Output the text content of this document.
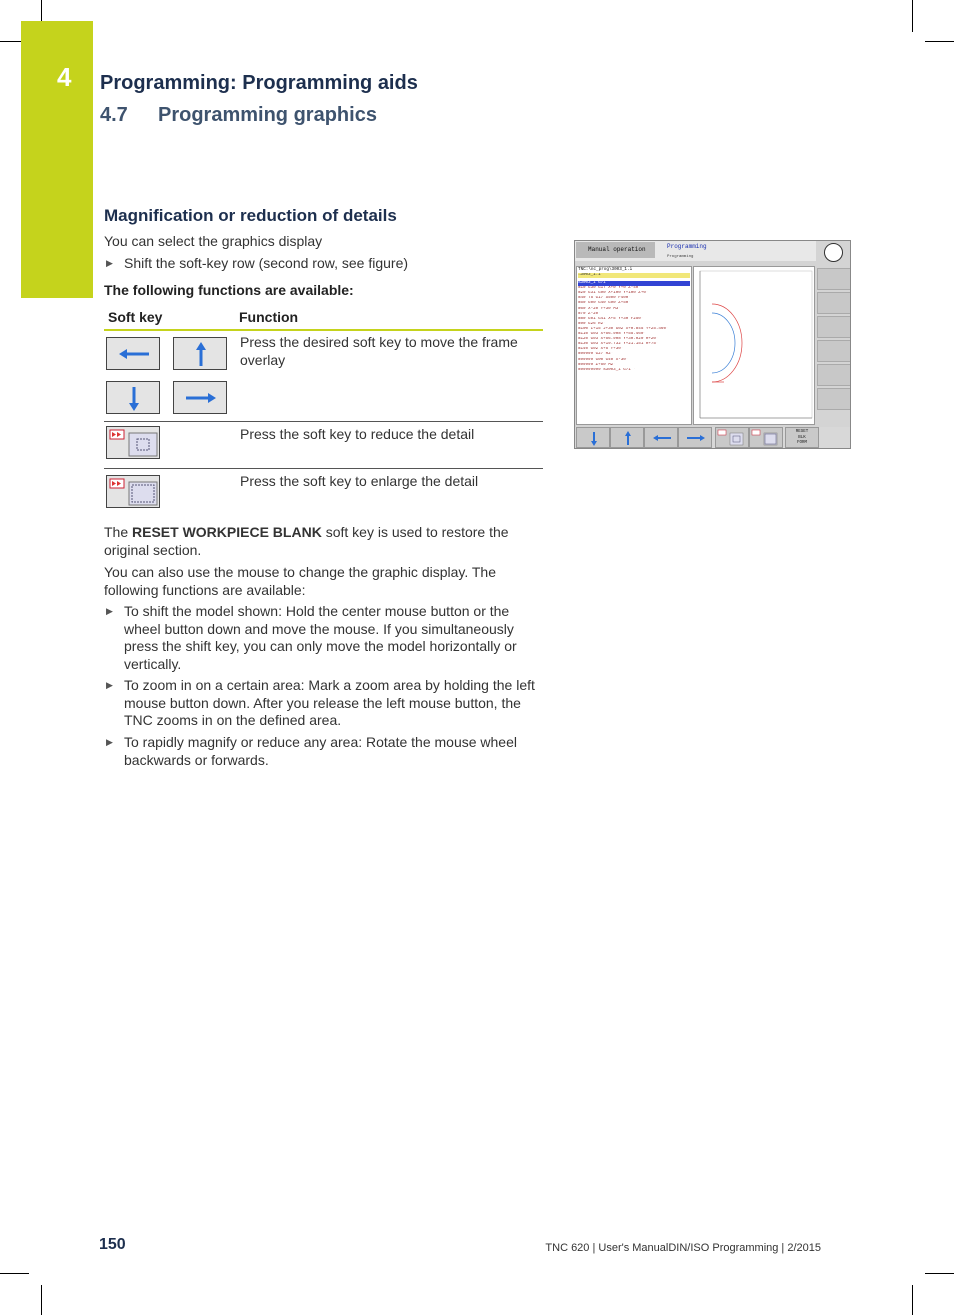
4 Programming: Programming aids
4.7 Programming graphics
Magnification or reduction of details
You can select the graphics display
▶ Shift the soft-key row (second row, see figure)
The following functions are available:
Soft key	Function
Press the desired soft key to move the frame overlay
Press the soft key to reduce the detail
Press the soft key to enlarge the detail
The RESET WORKPIECE BLANK soft key is used to restore the original section.
You can also use the mouse to change the graphic display. The following functions are available:
▶ To shift the model shown: Hold the center mouse button or the wheel button down and move the mouse. If you simultaneously press the shift key, you can only move the model horizontally or vertically.
▶ To zoom in on a certain area: Mark a zoom area by holding the left mouse button down. After you release the left mouse button, the TNC zooms in on the defined area.
▶ To rapidly magnify or reduce any area: Rotate the mouse wheel backwards or forwards.
Manual operation	Programming
Programming
TNC:\nc_prog\3003_1.i
→3003_1.i
%3003_1 G71 *
N10 G30 G17 X+0 Y+0 Z-40*
N20 G31 G90 X+100 Y+100 Z+0*
N40 T5 G17 S500 F400*
N50 G00 G40 G90 Z+50*
N60 X-20 Y+30 M3*
N70 Z-20*
N80 G01 G41 X+5 Y+30 F250*
N90 G26 R2*
N100 I+15 J+30 G02 X+0.845 Y+25.460*
N110 G03 X+56.908 Y+55.460*
N120 G03 X+56.908 Y+30.020 R+20*
N130 G03 X+19.732 Y+21.151 R+75*
N140 G02 X+5 Y+30*
N99999 G27 R2*
N99999 G00 G40 X-30*
N99999 Z+50 M2*
N99999999 %3003_1 G71 *
RESET
BLK
FORM
150	TNC 620 | User's ManualDIN/ISO Programming | 2/2015
